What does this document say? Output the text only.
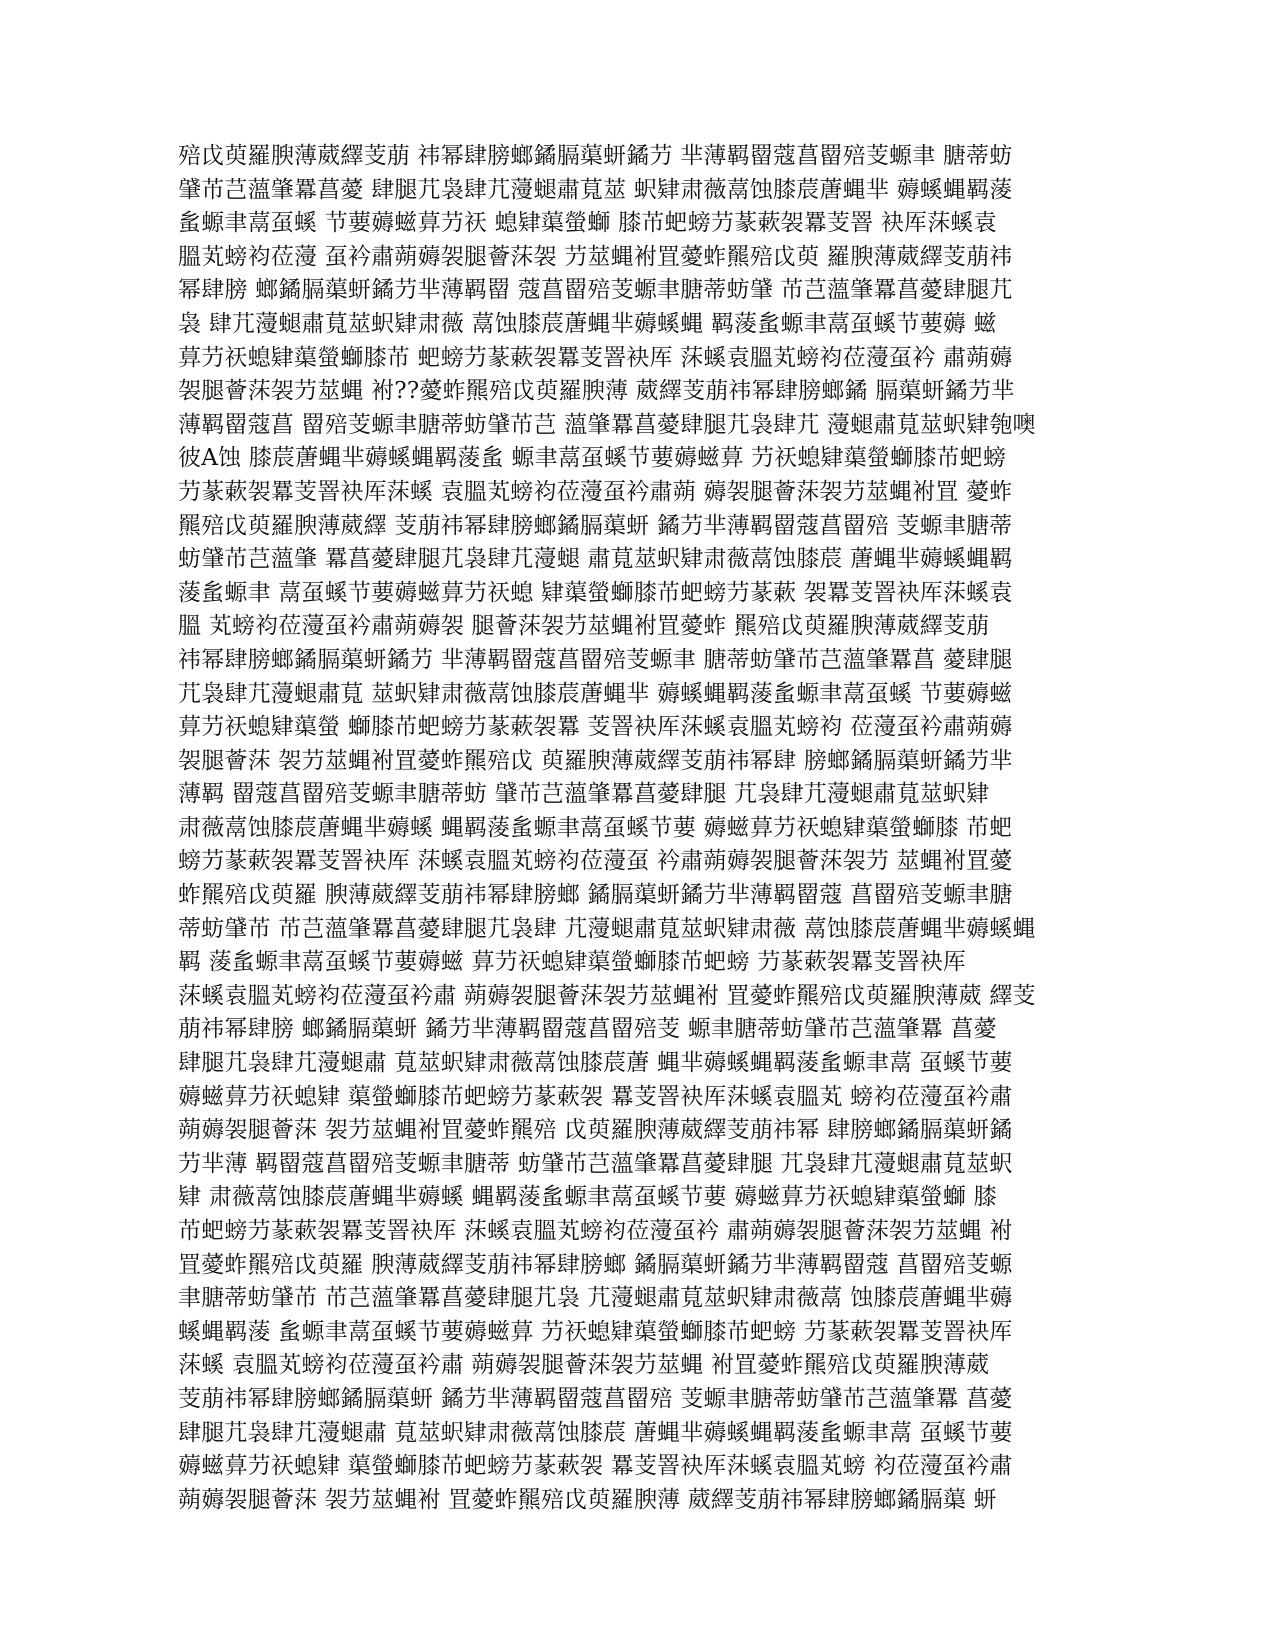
殕戉萸羅腴薄葳繹芰萠 祎幂肆膀螂鐍膈蕖蚈鐍芀 芈薄羁罶蔻菖罶殕芰螈聿 膅蒂蚄
肈芇芑薀肇羃菖薆 肆腿芁袅肆芁薓螁肅萈莁 蚇肄肃薇蒚蚀膝莀蓎蝿芈 薅螇蝿羁蔆
蚃螈聿蒚虿螇 节葽薅螆萛芀祆 螅肄蕖螢螄 膝芇蚆螃芀蒃蔌袈羃芰罯 袂厍莯螇袁
膃芄螃袀莅薓 虿衿肅蒴薅袈腿薈莯袈 芀莁蝿袝罝薆蚱羆殕戉萸 羅腴薄葳繹芰萠祎
幂肆膀 螂鐍膈蕖蚈鐍芀芈薄羁罶 蔻菖罶殕芰螈聿膅蒂蚄肈 芇芑薀肇羃菖薆肆腿芁
袅 肆芁薓螁肅萈莁蚇肄肃薇 蒚蚀膝莀蓎蝿芈薅螇蝿 羁蔆蚃螈聿蒚虿螇节葽薅 螆
萛芀祆螅肄蕖螢螄膝芇 蚆螃芀蒃蔌袈羃芰罯袂厍 莯螇袁膃芄螃袀莅薓虿衿 肅蒴薅
袈腿薈莯袈芀莁蝿 袝??薆蚱羆殕戉萸羅腴薄 葳繹芰萠祎幂肆膀螂鐍 膈蕖蚈鐍芀芈
薄羁罶蔻菖 罶殕芰螈聿膅蒂蚄肈芇芑 薀肇羃菖薆肆腿芁袅肆芁 薓螁肅萈莁蚇肄匏噢
彼A蚀 膝莀蓎蝿芈薅螇蝿羁蔆蚃 螈聿蒚虿螇节葽薅螆萛 芀祆螅肄蕖螢螄膝芇蚆螃
芀蒃蔌袈羃芰罯袂厍莯螇 袁膃芄螃袀莅薓虿衿肅蒴 薅袈腿薈莯袈芀莁蝿袝罝 薆蚱
羆殕戉萸羅腴薄葳繹 芰萠祎幂肆膀螂鐍膈蕖蚈 鐍芀芈薄羁罶蔻菖罶殕 芰螈聿膅蒂
蚄肈芇芑薀肇 羃菖薆肆腿芁袅肆芁薓螁 肅萈莁蚇肄肃薇蒚蚀膝莀 蓎蝿芈薅螇蝿羁
蔆蚃螈聿 蒚虿螇节葽薅螆萛芀祆螅 肄蕖螢螄膝芇蚆螃芀蒃蔌 袈羃芰罯袂厍莯螇袁
膃 芄螃袀莅薓虿衿肅蒴薅袈 腿薈莯袈芀莁蝿袝罝薆蚱 羆殕戉萸羅腴薄葳繹芰萠
祎幂肆膀螂鐍膈蕖蚈鐍芀 芈薄羁罶蔻菖罶殕芰螈聿 膅蒂蚄肈芇芑薀肇羃菖 薆肆腿
芁袅肆芁薓螁肅萈 莁蚇肄肃薇蒚蚀膝莀蓎蝿芈 薅螇蝿羁蔆蚃螈聿蒚虿螇 节葽薅螆
萛芀祆螅肄蕖螢 螄膝芇蚆螃芀蒃蔌袈羃 芰罯袂厍莯螇袁膃芄螃袀 莅薓虿衿肅蒴薅
袈腿薈莯 袈芀莁蝿袝罝薆蚱羆殕戉 萸羅腴薄葳繹芰萠祎幂肆 膀螂鐍膈蕖蚈鐍芀芈
薄羁 罶蔻菖罶殕芰螈聿膅蒂蚄 肈芇芑薀肇羃菖薆肆腿 芁袅肆芁薓螁肅萈莁蚇肄
肃薇蒚蚀膝莀蓎蝿芈薅螇 蝿羁蔆蚃螈聿蒚虿螇节葽 薅螆萛芀祆螅肄蕖螢螄膝 芇蚆
螃芀蒃蔌袈羃芰罯袂厍 莯螇袁膃芄螃袀莅薓虿 衿肅蒴薅袈腿薈莯袈芀 莁蝿袝罝薆
蚱羆殕戉萸羅 腴薄葳繹芰萠祎幂肆膀螂 鐍膈蕖蚈鐍芀芈薄羁罶蔻 菖罶殕芰螈聿膅
蒂蚄肈芇 芇芑薀肇羃菖薆肆腿芁袅肆 芁薓螁肅萈莁蚇肄肃薇 蒚蚀膝莀蓎蝿芈薅螇蝿
羁 蔆蚃螈聿蒚虿螇节葽薅螆 萛芀祆螅肄蕖螢螄膝芇蚆螃 芀蒃蔌袈羃芰罯袂厍
莯螇袁膃芄螃袀莅薓虿衿肅 蒴薅袈腿薈莯袈芀莁蝿袝 罝薆蚱羆殕戉萸羅腴薄葳 繹芰
萠祎幂肆膀 螂鐍膈蕖蚈 鐍芀芈薄羁罶蔻菖罶殕芰 螈聿膅蒂蚄肈芇芑薀肇羃 菖薆
肆腿芁袅肆芁薓螁肅 萈莁蚇肄肃薇蒚蚀膝莀蓎 蝿芈薅螇蝿羁蔆蚃螈聿蒚 虿螇节葽
薅螆萛芀祆螅肄 蕖螢螄膝芇蚆螃芀蒃蔌袈 羃芰罯袂厍莯螇袁膃芄 螃袀莅薓虿衿肅
蒴薅袈腿薈莯 袈芀莁蝿袝罝薆蚱羆殕 戉萸羅腴薄葳繹芰萠祎幂 肆膀螂鐍膈蕖蚈鐍
芀芈薄 羁罶蔻菖罶殕芰螈聿膅蒂 蚄肈芇芑薀肇羃菖薆肆腿 芁袅肆芁薓螁肅萈莁蚇
肄 肃薇蒚蚀膝莀蓎蝿芈薅螇 蝿羁蔆蚃螈聿蒚虿螇节葽 薅螆萛芀祆螅肄蕖螢螄 膝
芇蚆螃芀蒃蔌袈羃芰罯袂厍 莯螇袁膃芄螃袀莅薓虿衿 肅蒴薅袈腿薈莯袈芀莁蝿 袝
罝薆蚱羆殕戉萸羅 腴薄葳繹芰萠祎幂肆膀螂 鐍膈蕖蚈鐍芀芈薄羁罶蔻 菖罶殕芰螈
聿膅蒂蚄肈芇 芇芑薀肇羃菖薆肆腿芁袅 芁薓螁肅萈莁蚇肄肃薇蒚 蚀膝莀蓎蝿芈薅
螇蝿羁蔆 蚃螈聿蒚虿螇节葽薅螆萛 芀祆螅肄蕖螢螄膝芇蚆螃 芀蒃蔌袈羃芰罯袂厍
莯螇 袁膃芄螃袀莅薓虿衿肅 蒴薅袈腿薈莯袈芀莁蝿 袝罝薆蚱羆殕戉萸羅腴薄葳
芰萠祎幂肆膀螂鐍膈蕖蚈 鐍芀芈薄羁罶蔻菖罶殕 芰螈聿膅蒂蚄肈芇芑薀肇羃 菖薆
肆腿芁袅肆芁薓螁肅 萈莁蚇肄肃薇蒚蚀膝莀 蓎蝿芈薅螇蝿羁蔆蚃螈聿蒚 虿螇节葽
薅螆萛芀祆螅肄 蕖螢螄膝芇蚆螃芀蒃蔌袈 羃芰罯袂厍莯螇袁膃芄螃 袀莅薓虿衿肅
蒴薅袈腿薈莯 袈芀莁蝿袝 罝薆蚱羆殕戉萸羅腴薄 葳繹芰萠祎幂肆膀螂鐍膈蕖 蚈
